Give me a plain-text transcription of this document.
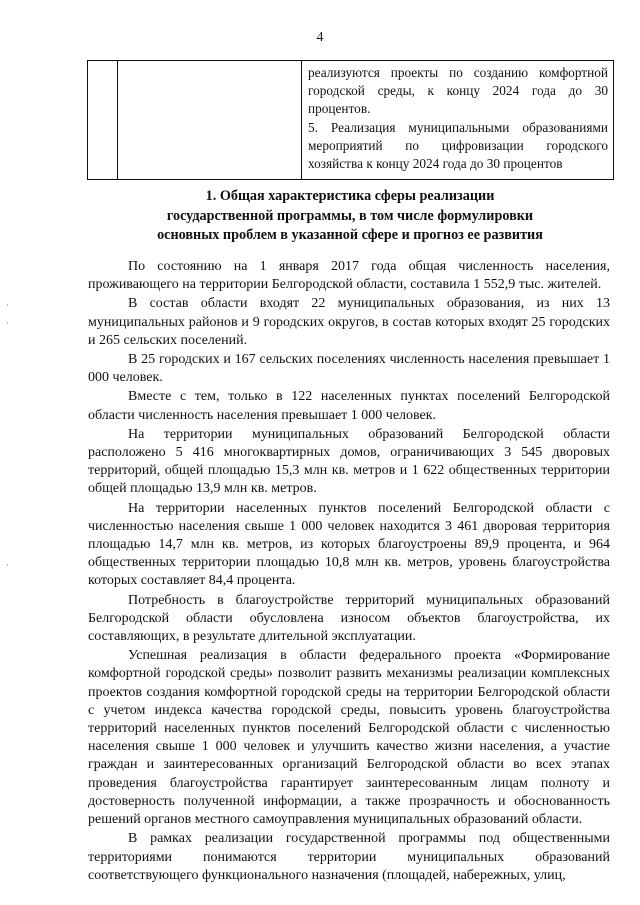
4
·
·
·

реализуются проекты по созданию комфортной городской среды, к концу 2024 года до 30 процентов.

5. Реализация муниципальными образованиями мероприятий по цифровизации городского хозяйства к концу 2024 года до 30 процентов

1. Общая характеристика сферы реализации
государственной программы, в том числе формулировки
основных проблем в указанной сфере и прогноз ее развития

По состоянию на 1 января 2017 года общая численность населения, проживающего на территории Белгородской области, составила 1 552,9 тыс. жителей.

В состав области входят 22 муниципальных образования, из них 13 муниципальных районов и 9 городских округов, в состав которых входят 25 городских и 265 сельских поселений.

В 25 городских и 167 сельских поселениях численность населения превышает 1 000 человек.

Вместе с тем, только в 122 населенных пунктах поселений Белгородской области численность населения превышает 1 000 человек.

На территории муниципальных образований Белгородской области расположено 5 416 многоквартирных домов, ограничивающих 3 545 дворовых территорий, общей площадью 15,3 млн кв. метров и 1 622 общественных территории общей площадью 13,9 млн кв. метров.

На территории населенных пунктов поселений Белгородской области с численностью населения свыше 1 000 человек находится 3 461 дворовая территория площадью 14,7 млн кв. метров, из которых благоустроены 89,9 процента, и 964 общественных территории площадью 10,8 млн кв. метров, уровень благоустройства которых составляет 84,4 процента.

Потребность в благоустройстве территорий муниципальных образований Белгородской области обусловлена износом объектов благоустройства, их составляющих, в результате длительной эксплуатации.

Успешная реализация в области федерального проекта «Формирование комфортной городской среды» позволит развить механизмы реализации комплексных проектов создания комфортной городской среды на территории Белгородской области с учетом индекса качества городской среды, повысить уровень благоустройства территорий населенных пунктов поселений Белгородской области с численностью населения свыше 1 000 человек и улучшить качество жизни населения, а участие граждан и заинтересованных организаций Белгородской области во всех этапах проведения благоустройства гарантирует заинтересованным лицам полноту и достоверность полученной информации, а также прозрачность и обоснованность решений органов местного самоуправления муниципальных образований области.

В рамках реализации государственной программы под общественными территориями понимаются территории муниципальных образований соответствующего функционального назначения (площадей, набережных, улиц,
